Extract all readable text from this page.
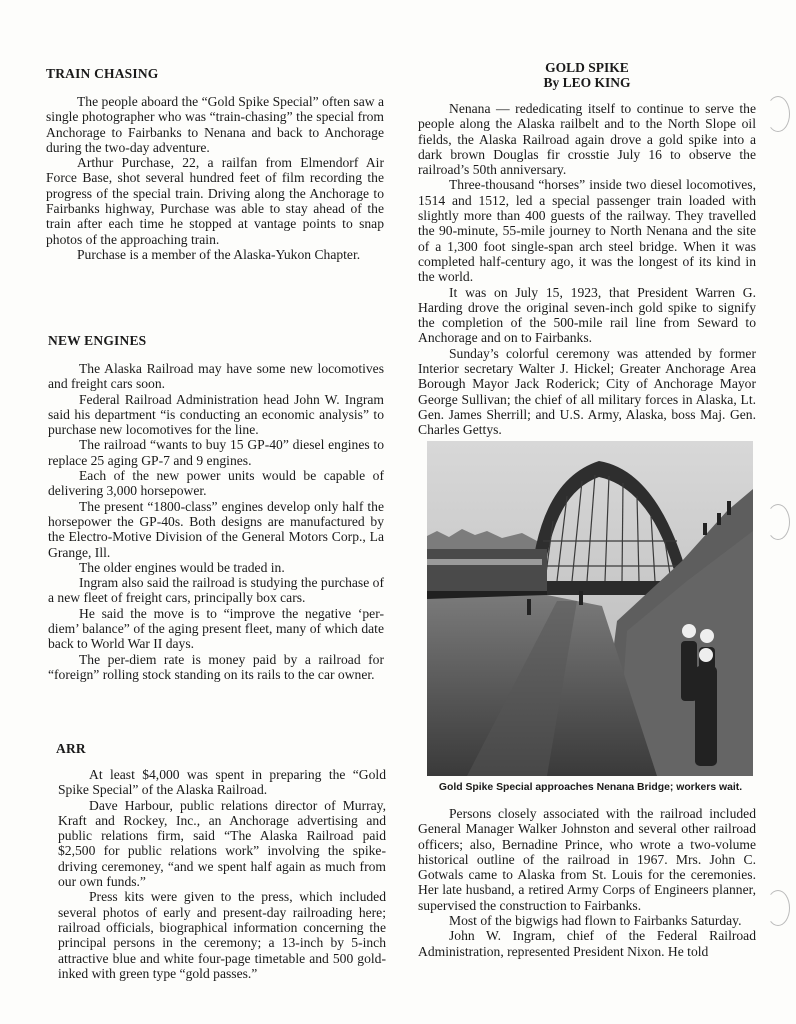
TRAIN CHASING

The people aboard the “Gold Spike Special” often saw a single photographer who was “train-chasing” the special from Anchorage to Fairbanks to Nenana and back to Anchorage during the two-day adventure.

Arthur Purchase, 22, a railfan from Elmendorf Air Force Base, shot several hundred feet of film recording the progress of the special train. Driving along the Anchorage to Fairbanks highway, Purchase was able to stay ahead of the train after each time he stopped at vantage points to snap photos of the approaching train.

Purchase is a member of the Alaska-Yukon Chapter.

NEW ENGINES

The Alaska Railroad may have some new locomotives and freight cars soon.

Federal Railroad Administration head John W. Ingram said his department “is conducting an economic analysis” to purchase new locomotives for the line.

The railroad “wants to buy 15 GP-40” diesel engines to replace 25 aging GP-7 and 9 engines.

Each of the new power units would be capable of delivering 3,000 horsepower.

The present “1800-class” engines develop only half the horsepower the GP-40s. Both designs are manufactured by the Electro-Motive Division of the General Motors Corp., La Grange, Ill.

The older engines would be traded in.

Ingram also said the railroad is studying the purchase of a new fleet of freight cars, principally box cars.

He said the move is to “improve the negative ‘per-diem’ balance” of the aging present fleet, many of which date back to World War II days.

The per-diem rate is money paid by a railroad for “foreign” rolling stock standing on its rails to the car owner.

ARR

At least $4,000 was spent in preparing the “Gold Spike Special” of the Alaska Railroad.

Dave Harbour, public relations director of Murray, Kraft and Rockey, Inc., an Anchorage advertising and public relations firm, said “The Alaska Railroad paid $2,500 for public relations work” involving the spike-driving ceremoney, “and we spent half again as much from our own funds.”

Press kits were given to the press, which included several photos of early and present-day railroading here; railroad officials, biographical information concerning the principal persons in the ceremony; a 13-inch by 5-inch attractive blue and white four-page timetable and 500 gold-inked with green type “gold passes.”

GOLD SPIKE
By LEO KING

Nenana — rededicating itself to continue to serve the people along the Alaska railbelt and to the North Slope oil fields, the Alaska Railroad again drove a gold spike into a dark brown Douglas fir crosstie July 16 to observe the railroad’s 50th anniversary.

Three-thousand “horses” inside two diesel locomotives, 1514 and 1512, led a special passenger train loaded with slightly more than 400 guests of the railway. They travelled the 90-minute, 55-mile journey to North Nenana and the site of a 1,300 foot single-span arch steel bridge. When it was completed half-century ago, it was the longest of its kind in the world.

It was on July 15, 1923, that President Warren G. Harding drove the original seven-inch gold spike to signify the completion of the 500-mile rail line from Seward to Anchorage and on to Fairbanks.

Sunday’s colorful ceremony was attended by former Interior secretary Walter J. Hickel; Greater Anchorage Area Borough Mayor Jack Roderick; City of Anchorage Mayor George Sullivan; the chief of all military forces in Alaska, Lt. Gen. James Sherrill; and U.S. Army, Alaska, boss Maj. Gen. Charles Gettys.

Persons closely associated with the railroad included General Manager Walker Johnston and several other railroad officers; also, Bernadine Prince, who wrote a two-volume historical outline of the railroad in 1967. Mrs. John C. Gotwals came to Alaska from St. Louis for the ceremonies. Her late husband, a retired Army Corps of Engineers planner, supervised the construction to Fairbanks.

Most of the bigwigs had flown to Fairbanks Saturday.

John W. Ingram, chief of the Federal Railroad Administration, represented President Nixon. He told

Gold Spike Special approaches Nenana Bridge; workers wait.
